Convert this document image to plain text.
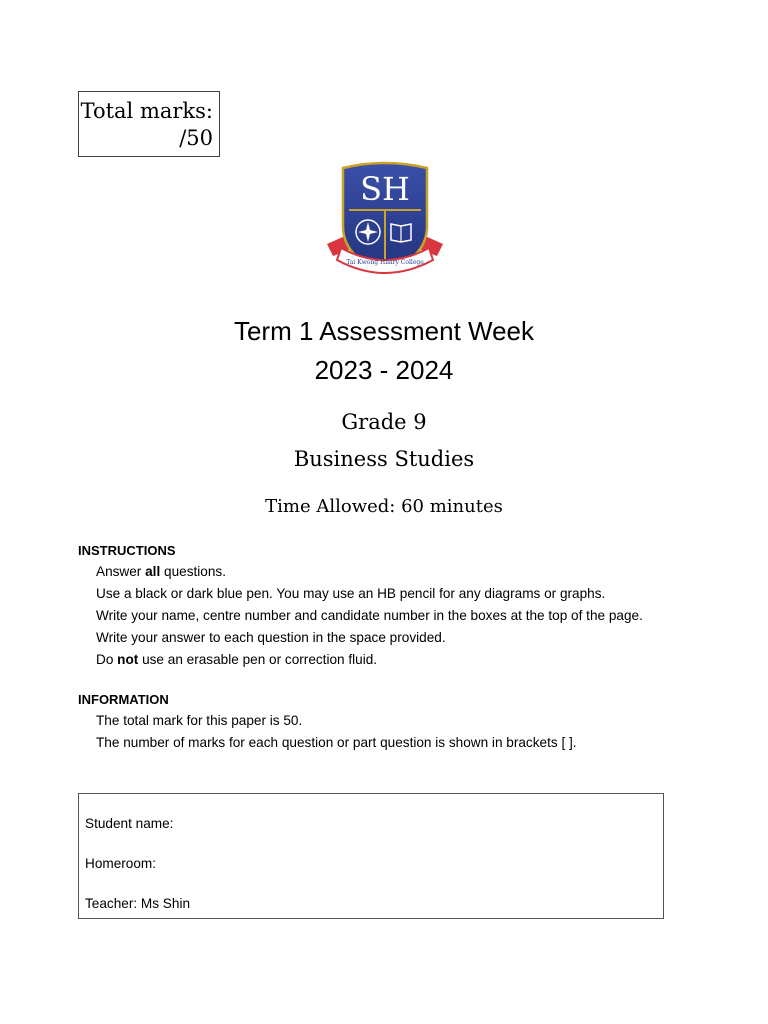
Total marks:
/50
SH
Tai Kwong Hilary College
Term 1 Assessment Week
2023 - 2024
Grade 9
Business Studies
Time Allowed: 60 minutes
INSTRUCTIONS
Answer all questions.
Use a black or dark blue pen. You may use an HB pencil for any diagrams or graphs.
Write your name, centre number and candidate number in the boxes at the top of the page.
Write your answer to each question in the space provided.
Do not use an erasable pen or correction fluid.
INFORMATION
The total mark for this paper is 50.
The number of marks for each question or part question is shown in brackets [ ].
Student name:
Homeroom:
Teacher: Ms Shin
